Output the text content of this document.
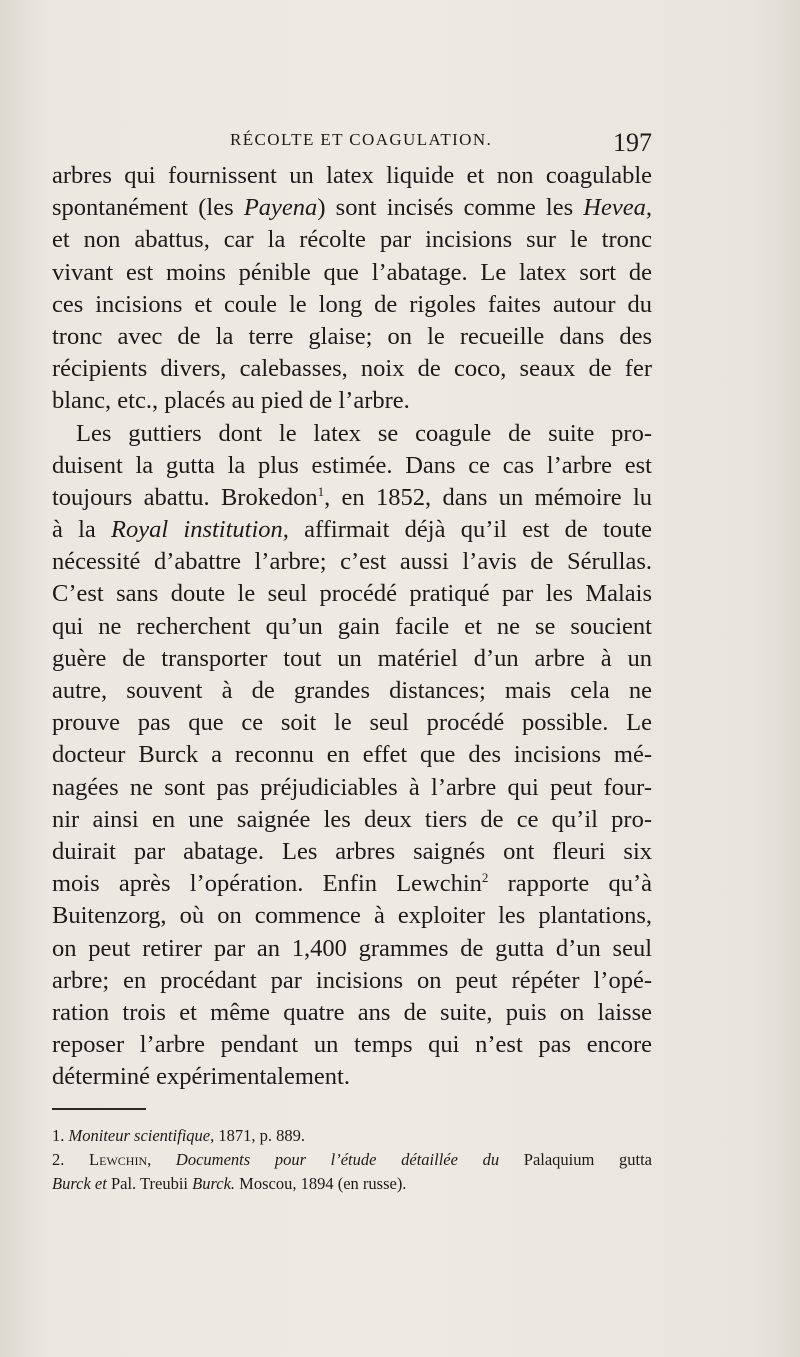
RÉCOLTE ET COAGULATION.	197
arbres qui fournissent un latex liquide et non coagulable
spontanément (les Payena) sont incisés comme les Hevea,
et non abattus, car la récolte par incisions sur le tronc
vivant est moins pénible que l’abatage. Le latex sort de
ces incisions et coule le long de rigoles faites autour du
tronc avec de la terre glaise; on le recueille dans des
récipients divers, calebasses, noix de coco, seaux de fer
blanc, etc., placés au pied de l’arbre.
Les guttiers dont le latex se coagule de suite pro-
duisent la gutta la plus estimée. Dans ce cas l’arbre est
toujours abattu. Brokedon$^1$, en 1852, dans un mémoire lu
à la Royal institution, affirmait déjà qu’il est de toute
nécessité d’abattre l’arbre; c’est aussi l’avis de Sérullas.
C’est sans doute le seul procédé pratiqué par les Malais
qui ne recherchent qu’un gain facile et ne se soucient
guère de transporter tout un matériel d’un arbre à un
autre, souvent à de grandes distances; mais cela ne
prouve pas que ce soit le seul procédé possible. Le
docteur Burck a reconnu en effet que des incisions mé-
nagées ne sont pas préjudiciables à l’arbre qui peut four-
nir ainsi en une saignée les deux tiers de ce qu’il pro-
duirait par abatage. Les arbres saignés ont fleuri six
mois après l’opération. Enfin Lewchin$^2$ rapporte qu’à
Buitenzorg, où on commence à exploiter les plantations,
on peut retirer par an 1,400 grammes de gutta d’un seul
arbre; en procédant par incisions on peut répéter l’opé-
ration trois et même quatre ans de suite, puis on laisse
reposer l’arbre pendant un temps qui n’est pas encore
déterminé expérimentalement.
1. Moniteur scientifique, 1871, p. 889.
2. Lewchin, Documents pour l’étude détaillée du Palaquium gutta
Burck et Pal. Treubii Burck. Moscou, 1894 (en russe).
